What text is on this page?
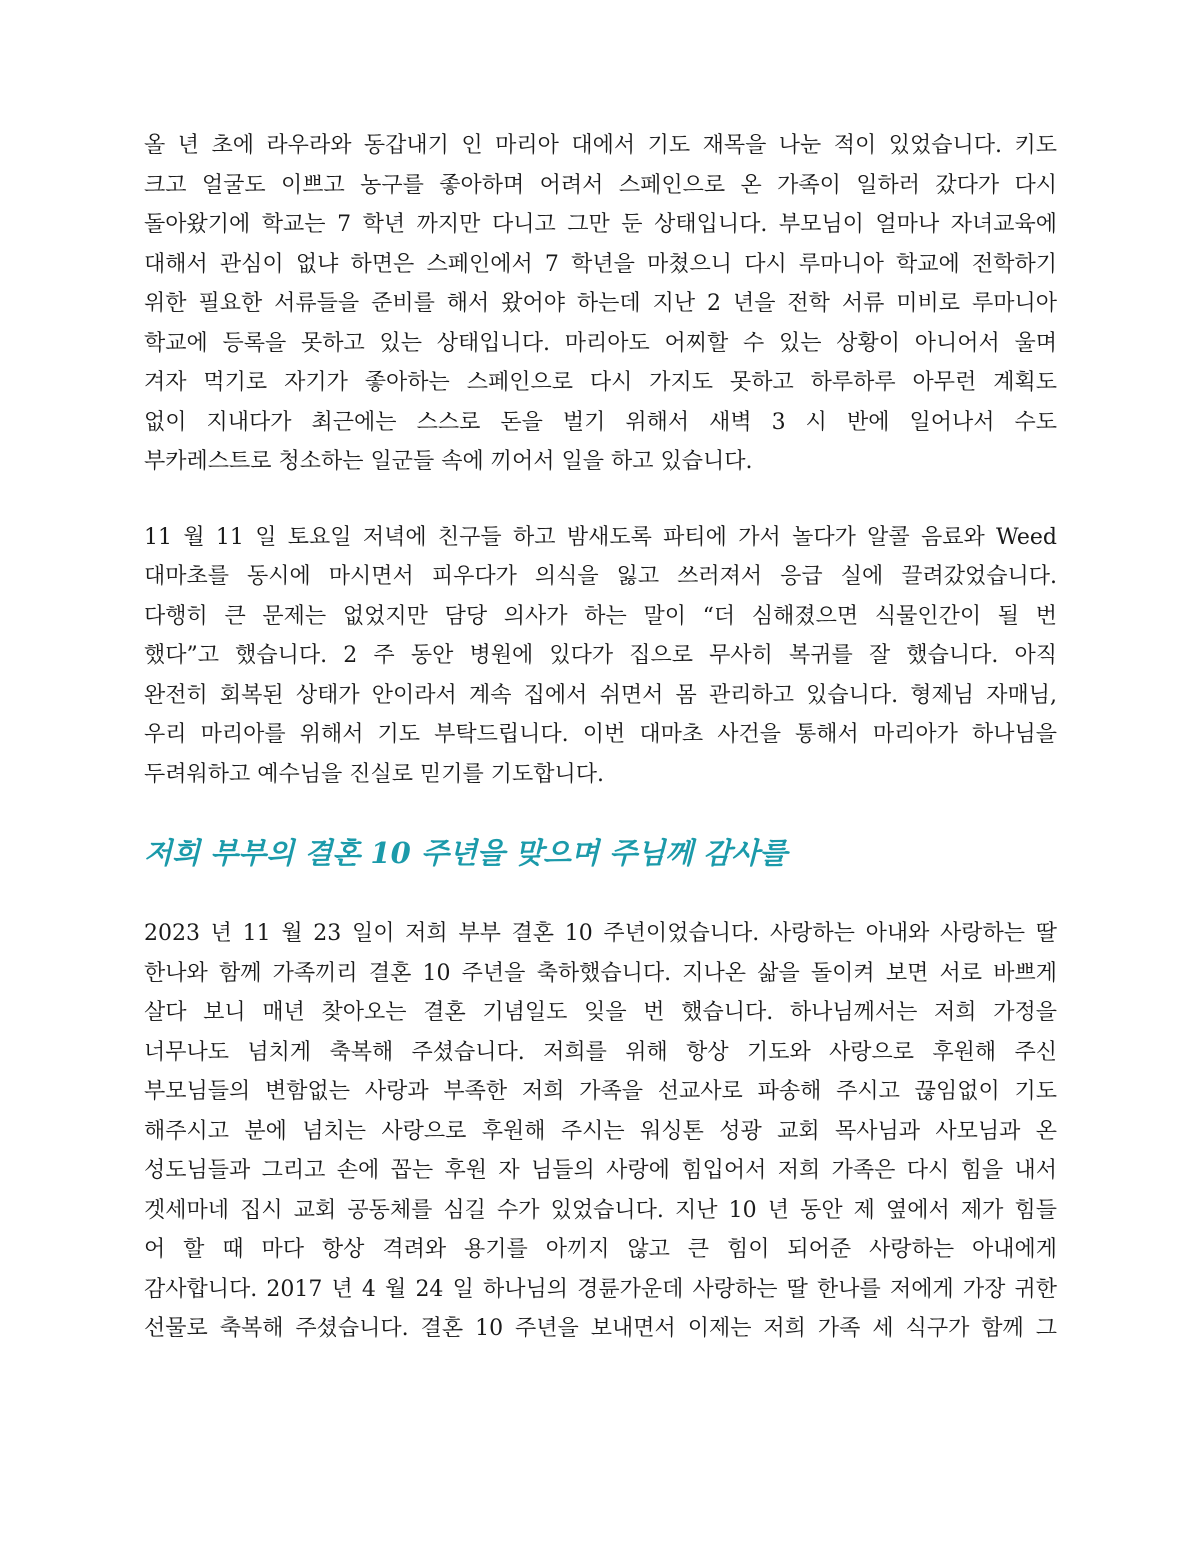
올 년 초에 라우라와 동갑내기 인 마리아 대에서 기도 재목을 나눈 적이 있었습니다. 키도
크고 얼굴도 이쁘고 농구를 좋아하며 어려서 스페인으로 온 가족이 일하러 갔다가 다시
돌아왔기에 학교는 7 학년 까지만 다니고 그만 둔 상태입니다. 부모님이 얼마나 자녀교육에
대해서 관심이 없냐 하면은 스페인에서 7 학년을 마쳤으니 다시 루마니아 학교에 전학하기
위한 필요한 서류들을 준비를 해서 왔어야 하는데 지난 2 년을 전학 서류 미비로 루마니아
학교에 등록을 못하고 있는 상태입니다. 마리아도 어찌할 수 있는 상황이 아니어서 울며
겨자 먹기로 자기가 좋아하는 스페인으로 다시 가지도 못하고 하루하루 아무런 계획도
없이 지내다가 최근에는 스스로 돈을 벌기 위해서 새벽 3 시 반에 일어나서 수도
부카레스트로 청소하는 일군들 속에 끼어서 일을 하고 있습니다.
11 월 11 일 토요일 저녁에 친구들 하고 밤새도록 파티에 가서 놀다가 알콜 음료와 Weed
대마초를 동시에 마시면서 피우다가 의식을 잃고 쓰러져서 응급 실에 끌려갔었습니다.
다행히 큰 문제는 없었지만 담당 의사가 하는 말이 “더 심해졌으면 식물인간이 될 번
했다”고 했습니다. 2 주 동안 병원에 있다가 집으로 무사히 복귀를 잘 했습니다. 아직
완전히 회복된 상태가 안이라서 계속 집에서 쉬면서 몸 관리하고 있습니다. 형제님 자매님,
우리 마리아를 위해서 기도 부탁드립니다. 이번 대마초 사건을 통해서 마리아가 하나님을
두려워하고 예수님을 진실로 믿기를 기도합니다.
저희 부부의 결혼 10 주년을 맞으며 주님께 감사를
2023 년 11 월 23 일이 저희 부부 결혼 10 주년이었습니다. 사랑하는 아내와 사랑하는 딸
한나와 함께 가족끼리 결혼 10 주년을 축하했습니다. 지나온 삶을 돌이켜 보면 서로 바쁘게
살다 보니 매년 찾아오는 결혼 기념일도 잊을 번 했습니다. 하나님께서는 저희 가정을
너무나도 넘치게 축복해 주셨습니다. 저희를 위해 항상 기도와 사랑으로 후원해 주신
부모님들의 변함없는 사랑과 부족한 저희 가족을 선교사로 파송해 주시고 끊임없이 기도
해주시고 분에 넘치는 사랑으로 후원해 주시는 워싱톤 성광 교회 목사님과 사모님과 온
성도님들과 그리고 손에 꼽는 후원 자 님들의 사랑에 힘입어서 저희 가족은 다시 힘을 내서
겟세마네 집시 교회 공동체를 심길 수가 있었습니다. 지난 10 년 동안 제 옆에서 제가 힘들
어 할 때 마다 항상 격려와 용기를 아끼지 않고 큰 힘이 되어준 사랑하는 아내에게
감사합니다. 2017 년 4 월 24 일 하나님의 경륜가운데 사랑하는 딸 한나를 저에게 가장 귀한
선물로 축복해 주셨습니다. 결혼 10 주년을 보내면서 이제는 저희 가족 세 식구가 함께 그
